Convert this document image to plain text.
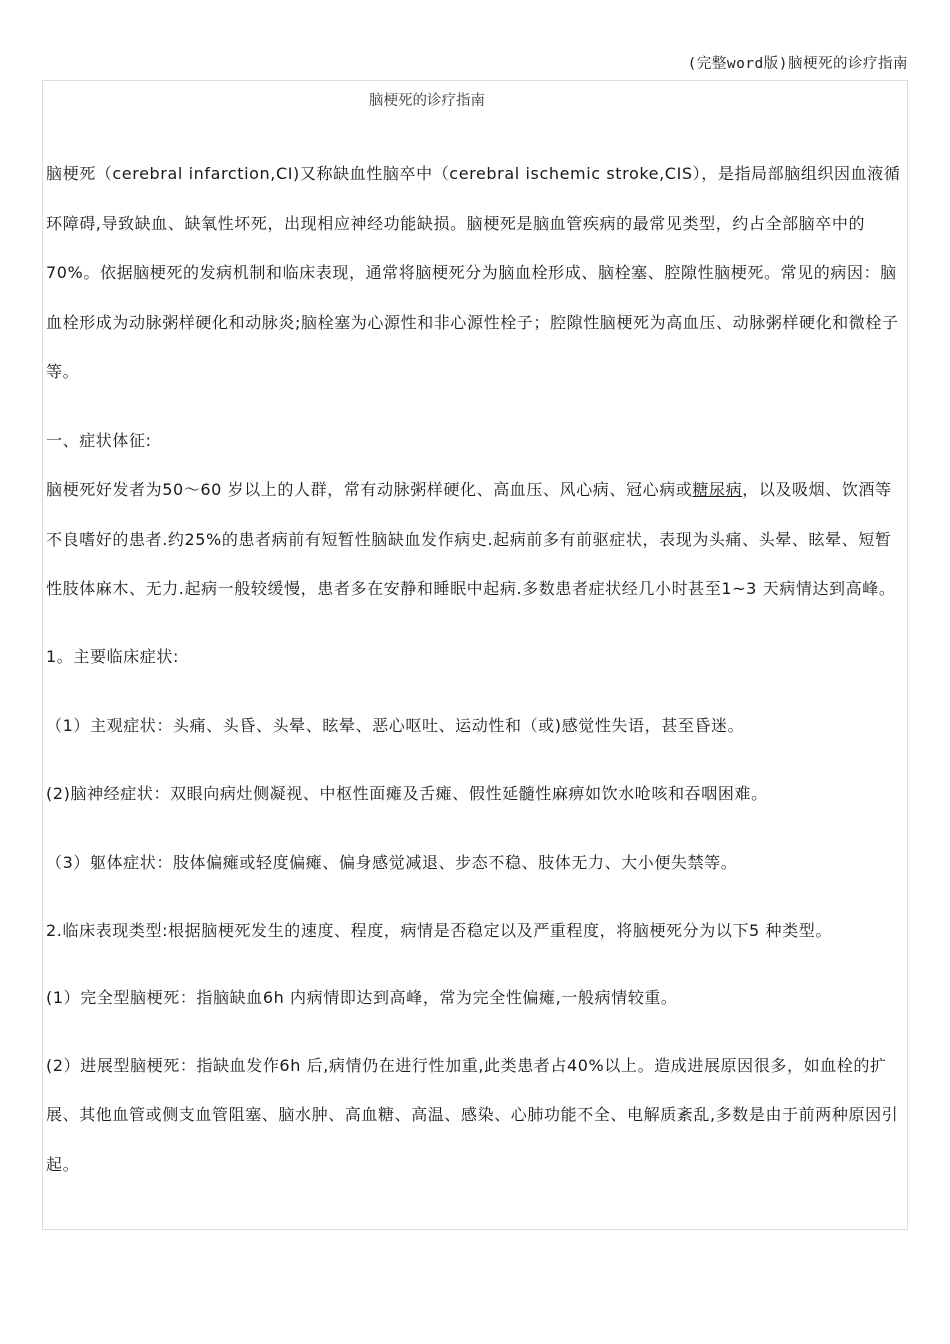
(完整word版)脑梗死的诊疗指南
脑梗死的诊疗指南

脑梗死（cerebral infarction,CI)又称缺血性脑卒中（cerebral ischemic stroke,CIS），是指局部脑组织因血液循环障碍,导致缺血、缺氧性坏死，出现相应神经功能缺损。脑梗死是脑血管疾病的最常见类型，约占全部脑卒中的70%。依据脑梗死的发病机制和临床表现，通常将脑梗死分为脑血栓形成、脑栓塞、腔隙性脑梗死。常见的病因：脑血栓形成为动脉粥样硬化和动脉炎;脑栓塞为心源性和非心源性栓子；腔隙性脑梗死为高血压、动脉粥样硬化和微栓子等。

一、症状体征:

脑梗死好发者为50～60 岁以上的人群，常有动脉粥样硬化、高血压、风心病、冠心病或糖尿病，以及吸烟、饮酒等不良嗜好的患者.约25%的患者病前有短暂性脑缺血发作病史.起病前多有前驱症状，表现为头痛、头晕、眩晕、短暂性肢体麻木、无力.起病一般较缓慢，患者多在安静和睡眠中起病.多数患者症状经几小时甚至1~3 天病情达到高峰。

1。主要临床症状:

（1）主观症状：头痛、头昏、头晕、眩晕、恶心呕吐、运动性和（或)感觉性失语，甚至昏迷。

(2)脑神经症状：双眼向病灶侧凝视、中枢性面瘫及舌瘫、假性延髓性麻痹如饮水呛咳和吞咽困难。

（3）躯体症状：肢体偏瘫或轻度偏瘫、偏身感觉减退、步态不稳、肢体无力、大小便失禁等。

2.临床表现类型:根据脑梗死发生的速度、程度，病情是否稳定以及严重程度，将脑梗死分为以下5 种类型。

(1）完全型脑梗死：指脑缺血6h 内病情即达到高峰，常为完全性偏瘫,一般病情较重。

(2）进展型脑梗死：指缺血发作6h 后,病情仍在进行性加重,此类患者占40%以上。造成进展原因很多，如血栓的扩展、其他血管或侧支血管阻塞、脑水肿、高血糖、高温、感染、心肺功能不全、电解质紊乱,多数是由于前两种原因引起。
